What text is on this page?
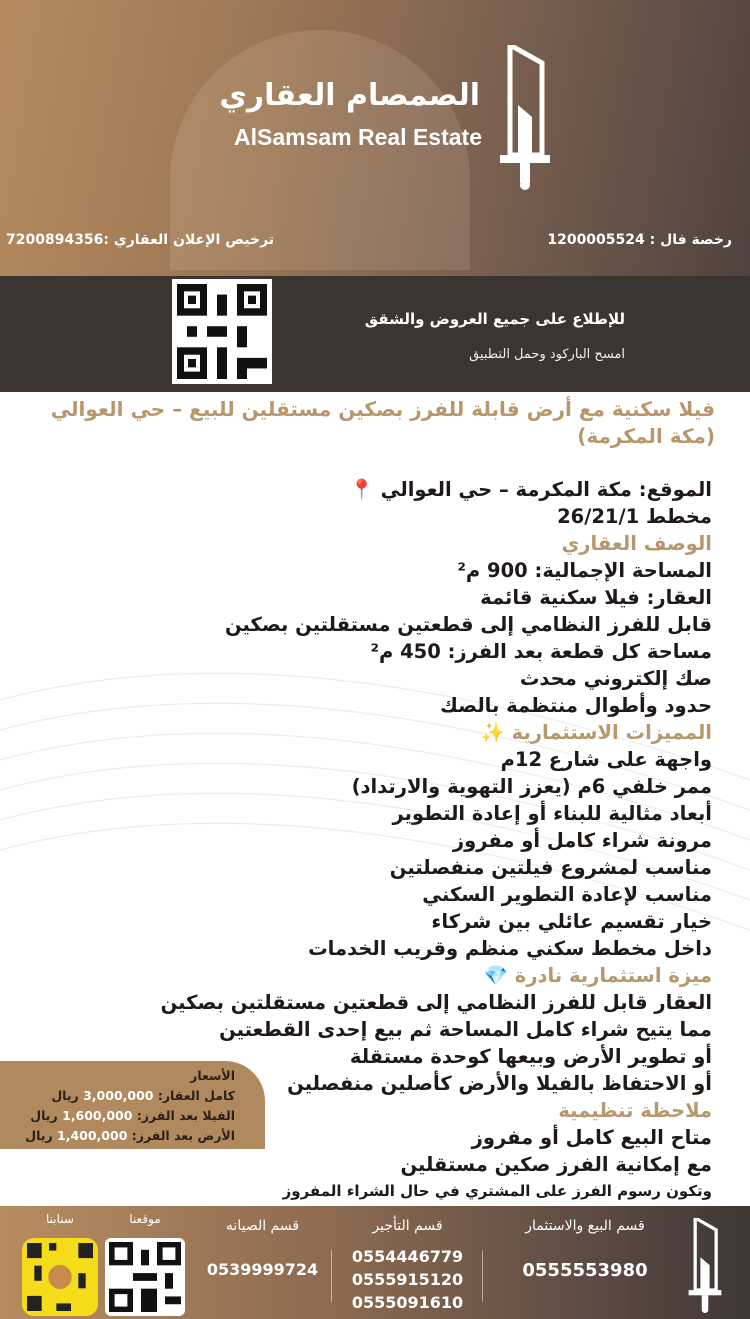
الصمصام العقاري
AlSamsam Real Estate
رخصة فال : 1200005524
ترخيص الإعلان العقاري :7200894356
للإطلاع على جميع العروض والشقق
امسح الباركود وحمل التطبيق
فيلا سكنية مع أرض قابلة للفرز بصكين مستقلين للبيع – حي العوالي (مكة المكرمة)
الموقع: مكة المكرمة – حي العوالي 📍
مخطط 26/21/1
الوصف العقاري
المساحة الإجمالية: 900 م²
العقار: فيلا سكنية قائمة
قابل للفرز النظامي إلى قطعتين مستقلتين بصكين
مساحة كل قطعة بعد الفرز: 450 م²
صك إلكتروني محدث
حدود وأطوال منتظمة بالصك
المميزات الاستثمارية ✨
واجهة على شارع 12م
ممر خلفي 6م (يعزز التهوية والارتداد)
أبعاد مثالية للبناء أو إعادة التطوير
مرونة شراء كامل أو مفروز
مناسب لمشروع فيلتين منفصلتين
مناسب لإعادة التطوير السكني
خيار تقسيم عائلي بين شركاء
داخل مخطط سكني منظم وقريب الخدمات
ميزة استثمارية نادرة 💎
العقار قابل للفرز النظامي إلى قطعتين مستقلتين بصكين
مما يتيح شراء كامل المساحة ثم بيع إحدى القطعتين
أو تطوير الأرض وبيعها كوحدة مستقلة
أو الاحتفاظ بالفيلا والأرض كأصلين منفصلين
ملاحظة تنظيمية
متاح البيع كامل أو مفروز
مع إمكانية الفرز صكين مستقلين
وتكون رسوم الفرز على المشتري في حال الشراء المفروز
الأسعار
كامل العقار: 3,000,000 ريال
الفيلا بعد الفرز: 1,600,000 ريال
الأرض بعد الفرز: 1,400,000 ريال
قسم البيع والاستثمار
0555553980
قسم التأجير
0554446779
0555915120
0555091610
قسم الصيانه
0539999724
موقعنا
سنابنا
